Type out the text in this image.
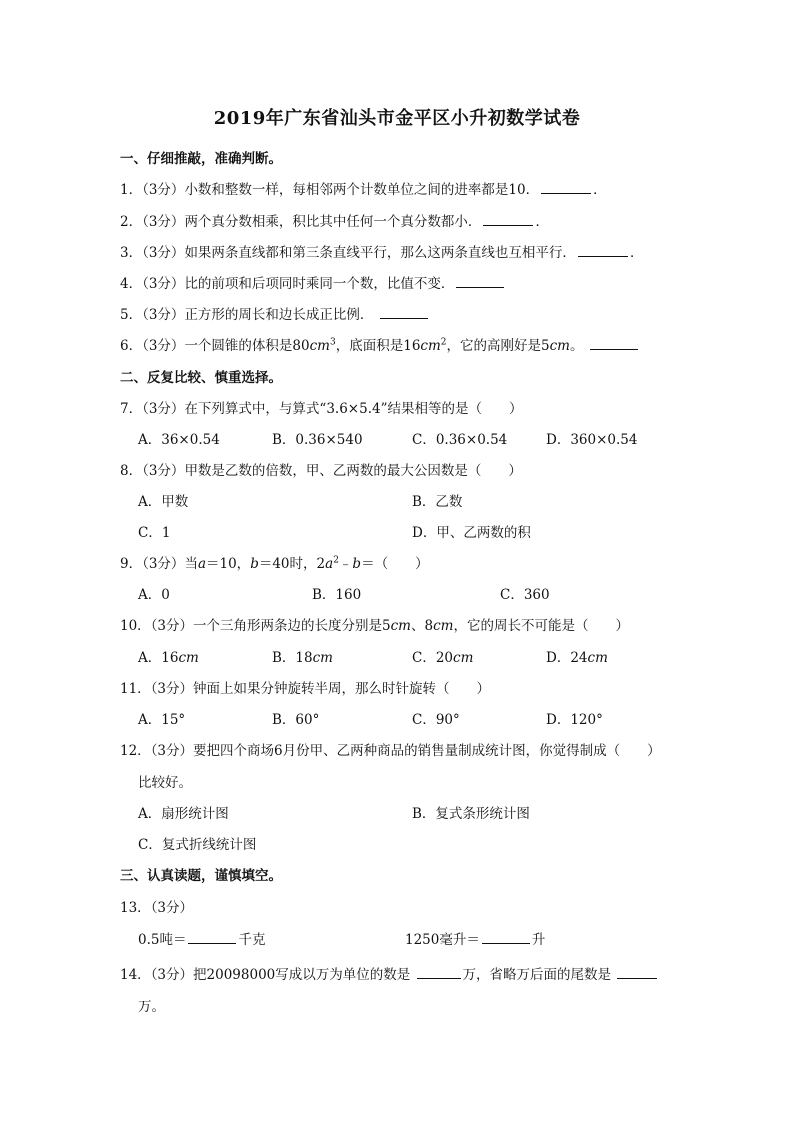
2019年广东省汕头市金平区小升初数学试卷
一、仔细推敲，准确判断。
1．（3分）小数和整数一样，每相邻两个计数单位之间的进率都是10．	．
2．（3分）两个真分数相乘，积比其中任何一个真分数都小．	．
3．（3分）如果两条直线都和第三条直线平行，那么这两条直线也互相平行．	．
4．（3分）比的前项和后项同时乘同一个数，比值不变．
5．（3分）正方形的周长和边长成正比例．
6．（3分）一个圆锥的体积是$80cm^3$，底面积是$16cm^2$，它的高刚好是5cm。
二、反复比较、慎重选择。
7．（3分）在下列算式中，与算式“3.6×5.4”结果相等的是（　　）
A．36×0.54	B．0.36×540	C．0.36×0.54	D．360×0.54
8．（3分）甲数是乙数的倍数，甲、乙两数的最大公因数是（　　）
A．甲数	B．乙数
C．1	D．甲、乙两数的积
9．（3分）当a＝10，b＝40时，$2a^2﹣b=$（　　）
A．0	B．160	C．360
10．（3分）一个三角形两条边的长度分别是5cm、8cm，它的周长不可能是（　　）
A．16cm	B．18cm	C．20cm	D．24cm
11．（3分）钟面上如果分钟旋转半周，那么时针旋转（　　）
A．15°	B．60°	C．90°	D．120°
12．（3分）要把四个商场6月份甲、乙两种商品的销售量制成统计图，你觉得制成（　　）
比较好。
A．扇形统计图	B．复式条形统计图
C．复式折线统计图
三、认真读题，谨慎填空。
13．（3分）
0.5吨＝	千克	1250毫升＝	升
14．（3分）把20098000写成以万为单位的数是	万，省略万后面的尾数是
万。
